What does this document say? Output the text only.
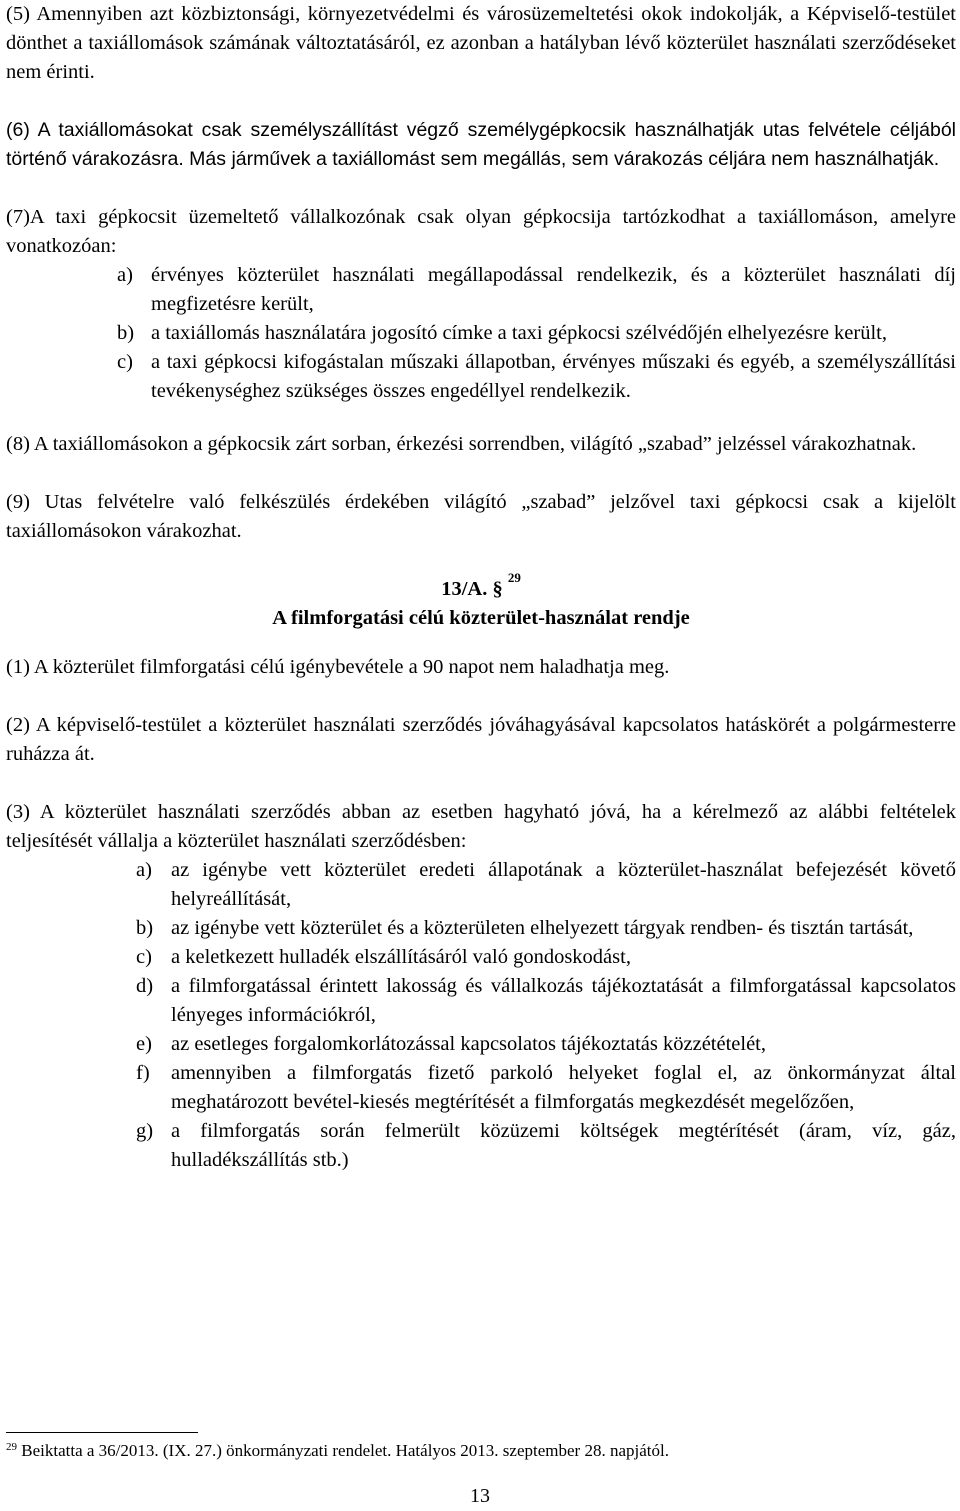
(5) Amennyiben azt közbiztonsági, környezetvédelmi és városüzemeltetési okok indokolják, a Képviselő-testület dönthet a taxiállomások számának változtatásáról, ez azonban a hatályban lévő közterület használati szerződéseket nem érinti.

(6) A taxiállomásokat csak személyszállítást végző személygépkocsik használhatják utas felvétele céljából történő várakozásra. Más járművek a taxiállomást sem megállás, sem várakozás céljára nem használhatják.

(7)A taxi gépkocsit üzemeltető vállalkozónak csak olyan gépkocsija tartózkodhat a taxiállomáson, amelyre vonatkozóan:

a) érvényes közterület használati megállapodással rendelkezik, és a közterület használati díj megfizetésre került,
b) a taxiállomás használatára jogosító címke a taxi gépkocsi szélvédőjén elhelyezésre került,
c) a taxi gépkocsi kifogástalan műszaki állapotban, érvényes műszaki és egyéb, a személyszállítási tevékenységhez szükséges összes engedéllyel rendelkezik.

(8) A taxiállomásokon a gépkocsik zárt sorban, érkezési sorrendben, világító „szabad” jelzéssel várakozhatnak.

(9) Utas felvételre való felkészülés érdekében világító „szabad” jelzővel taxi gépkocsi csak a kijelölt taxiállomásokon várakozhat.

13/A. § $^{29}$
A filmforgatási célú közterület-használat rendje

(1) A közterület filmforgatási célú igénybevétele a 90 napot nem haladhatja meg.

(2) A képviselő-testület a közterület használati szerződés jóváhagyásával kapcsolatos hatáskörét a polgármesterre ruházza át.

(3) A közterület használati szerződés abban az esetben hagyható jóvá, ha a kérelmező az alábbi feltételek teljesítését vállalja a közterület használati szerződésben:

a) az igénybe vett közterület eredeti állapotának a közterület-használat befejezését követő helyreállítását,
b) az igénybe vett közterület és a közterületen elhelyezett tárgyak rendben- és tisztán tartását,
c) a keletkezett hulladék elszállításáról való gondoskodást,
d) a filmforgatással érintett lakosság és vállalkozás tájékoztatását a filmforgatással kapcsolatos lényeges információkról,
e) az esetleges forgalomkorlátozással kapcsolatos tájékoztatás közzétételét,
f)	amennyiben a filmforgatás fizető parkoló helyeket foglal el, az önkormányzat által meghatározott bevétel-kiesés megtérítését a filmforgatás megkezdését megelőzően,
g) a filmforgatás során felmerült közüzemi költségek megtérítését (áram, víz, gáz, hulladékszállítás stb.)
$^{29}$ Beiktatta a 36/2013. (IX. 27.) önkormányzati rendelet. Hatályos 2013. szeptember 28. napjától.
13
